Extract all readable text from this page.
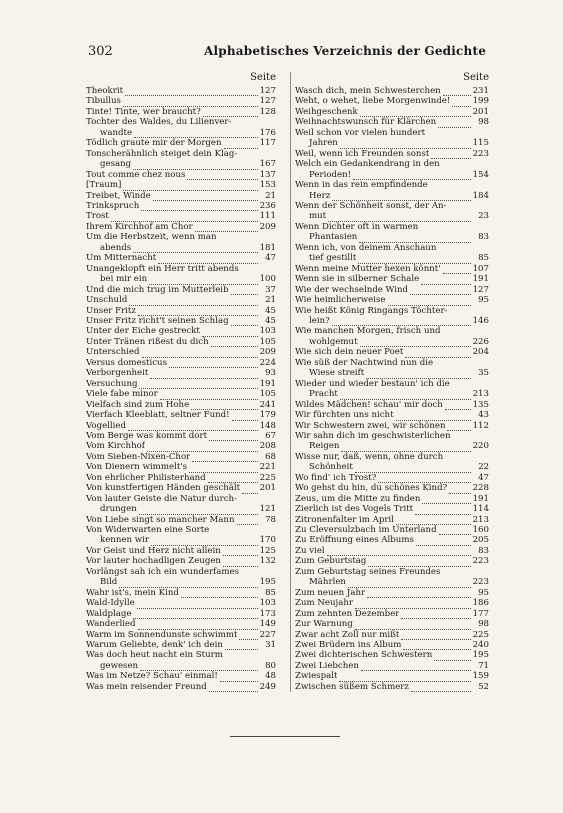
302	Alphabetisches Verzeichnis der Gedichte
Seite
Theokrit	127
Tibullus	127
Tinte! Tinte, wer braucht?	128
Tochter des Waldes, du Lilienver-
wandte	176
Tödlich graute mir der Morgen	117
Tonscherähnlich steiget dein Klag-
gesang	167
Tout comme chez nous	137
[Traum]	153
Treibet, Winde	21
Trinkspruch	236
Trost	111
Ihrem Kirchhof am Chor	209
Um die Herbstzeit, wenn man
abends	181
Um Mitternacht	47
Unangeklopft ein Herr tritt abends
bei mir ein	100
Und die mich trug im Mutterleib	37
Unschuld	21
Unser Fritz	45
Unser Fritz richt't seinen Schlag	45
Unter der Eiche gestreckt	103
Unter Tränen rißest du dich	105
Unterschied	209
Versus domesticus	224
Verborgenheit	93
Versuchung	191
Viele fabe minor	105
Vielfach sind zum Hohe	241
Vierfach Kleeblatt, seltner Fund!	179
Vogellied	148
Vom Berge was kommt dort	67
Vom Kirchhof	208
Vom Sieben-Nixen-Chor	68
Von Dienern wimmelt's	221
Von ehrlicher Philisterhand	225
Von kunstfertigen Händen geschält 201
Von lauter Geiste die Natur durch-
drungen	121
Von Liebe singt so mancher Mann	78
Von Widerwarten eine Sorte
kennen wir	170
Vor Geist und Herz nicht allein	125
Vor lauter hochadligen Zeugen	132
Vorlängst sah ich ein wunderfames
Bild	195
Wahr ist's, mein Kind	85
Wald-Idylle	103
Waldplage	173
Wanderlied	149
Warm im Sonnendunste schwimmt	227
Warum Geliebte, denk' ich dein	31
Was doch heut nacht ein Sturm
gewesen	80
Was im Netze? Schau' einmal!	48
Was mein reisender Freund	249
Seite
Wasch dich, mein Schwesterchen	231
Weht, o wehet, liebe Morgenwinde!	199
Weihgeschenk	201
Weihnachtswunsch für Klärchen	98
Weil schon vor vielen hundert
Jahren	115
Weil, wenn ich Freunden sonst	223
Welch ein Gedankendrang in den
Perioden!	154
Wenn in das rein empfindende
Herz	184
Wenn der Schönheit sonst, der An-
mut	23
Wenn Dichter oft in warmen
Phantasien	83
Wenn ich, von deinem Anschaun
tief gestillt	85
Wenn meine Mutter hexen könnt'	107
Wenn sie in silberner Schale	191
Wie der wechselnde Wind	127
Wie heimlicherweise	95
Wie heißt König Ringangs Töchter-
lein?	146
Wie manchen Morgen, frisch und
wohlgemut	226
Wie sich dein neuer Poet	204
Wie süß der Nachtwind nun die
Wiese streift	35
Wieder und wieder bestaun' ich die
Pracht	213
Wildes Mädchen! schau' mir doch	135
Wir fürchten uns nicht	43
Wir Schwestern zwei, wir schönen	112
Wir sahn dich im geschwisterlichen
Reigen	220
Wisse nur, daß, wenn, ohne durch
Schönheit	22
Wo find' ich Trost?	47
Wo gehst du hin, du schönes Kind?	228
Zeus, um die Mitte zu finden	191
Zierlich ist des Vogels Tritt	114
Zitronenfalter im April	213
Zu Cleversulzbach im Unterland	160
Zu Eröffnung eines Albums	205
Zu viel	83
Zum Geburtstag	223
Zum Geburtstag seines Freundes
Mährlen	223
Zum neuen Jahr	95
Zum Neujahr	186
Zum zehnten Dezember	177
Zur Warnung	98
Zwar acht Zoll nur mißt	225
Zwei Brüdern ins Album	240
Zwei dichterischen Schwestern	195
Zwei Liebchen	71
Zwiespalt	159
Zwischen süßem Schmerz	52
